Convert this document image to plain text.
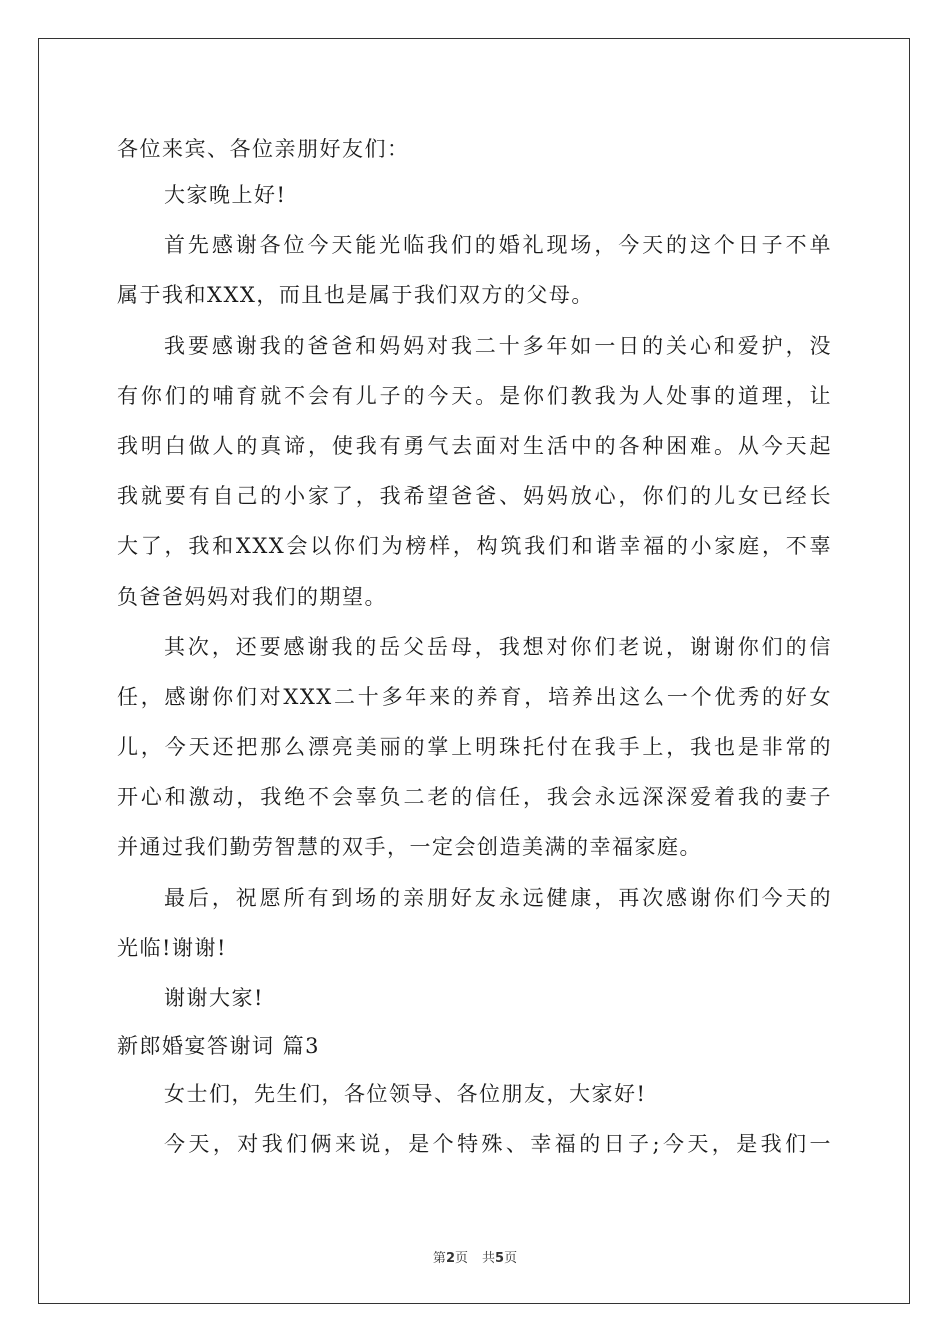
各位来宾、各位亲朋好友们：
大家晚上好!
首先感谢各位今天能光临我们的婚礼现场，今天的这个日子不单
属于我和XXX，而且也是属于我们双方的父母。
我要感谢我的爸爸和妈妈对我二十多年如一日的关心和爱护，没
有你们的哺育就不会有儿子的今天。是你们教我为人处事的道理，让
我明白做人的真谛，使我有勇气去面对生活中的各种困难。从今天起
我就要有自己的小家了，我希望爸爸、妈妈放心，你们的儿女已经长
大了，我和XXX会以你们为榜样，构筑我们和谐幸福的小家庭，不辜
负爸爸妈妈对我们的期望。
其次，还要感谢我的岳父岳母，我想对你们老说，谢谢你们的信
任，感谢你们对XXX二十多年来的养育，培养出这么一个优秀的好女
儿，今天还把那么漂亮美丽的掌上明珠托付在我手上，我也是非常的
开心和激动，我绝不会辜负二老的信任，我会永远深深爱着我的妻子
并通过我们勤劳智慧的双手，一定会创造美满的幸福家庭。
最后，祝愿所有到场的亲朋好友永远健康，再次感谢你们今天的
光临!谢谢!
谢谢大家!
新郎婚宴答谢词 篇3
女士们，先生们，各位领导、各位朋友，大家好!
今天，对我们俩来说，是个特殊、幸福的日子;今天，是我们一
第2页 共5页
